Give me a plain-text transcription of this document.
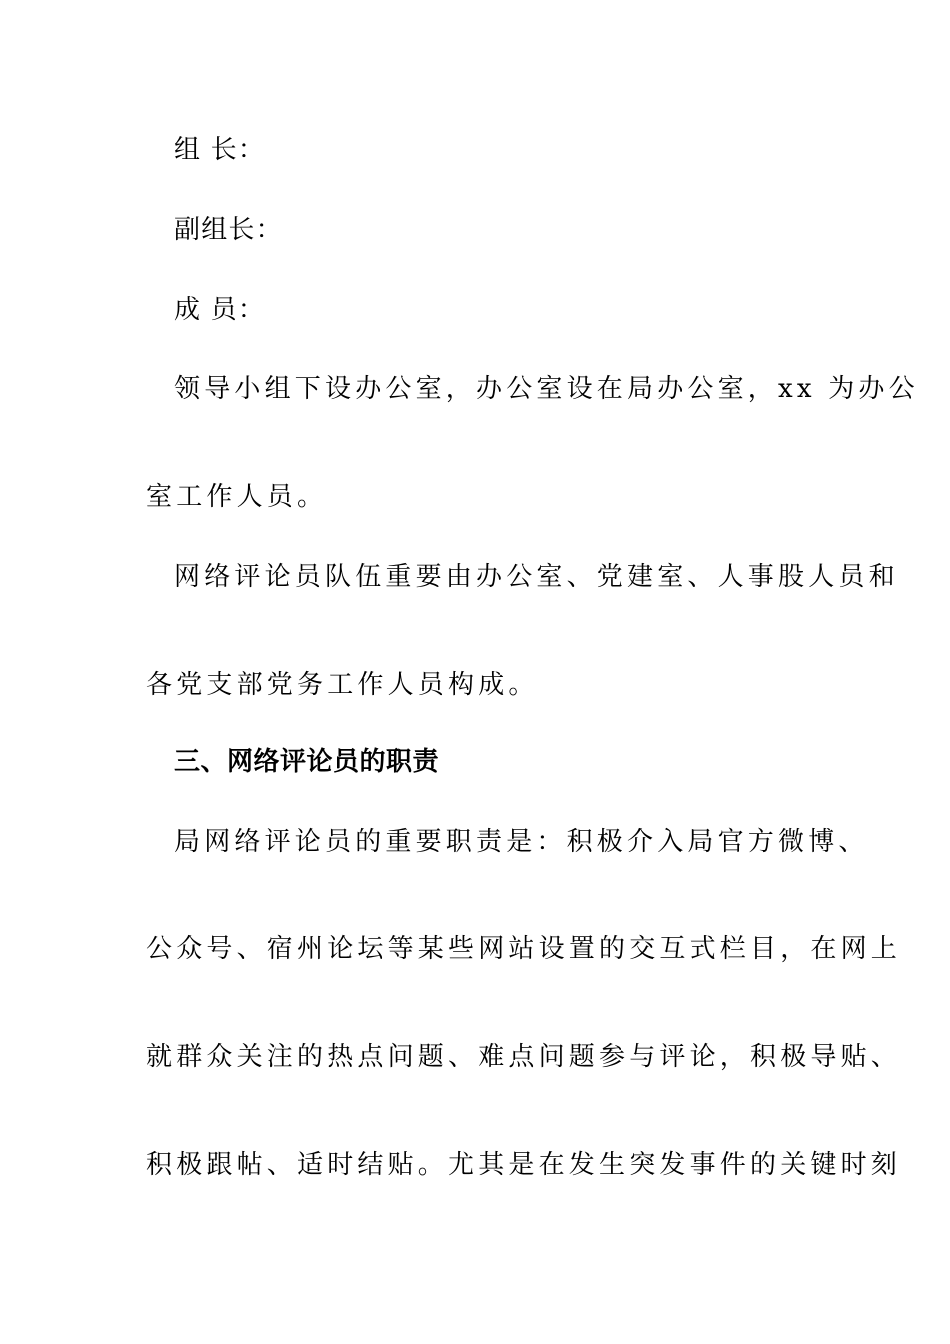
组 长：
副组长：
成 员：
领导小组下设办公室，办公室设在局办公室，xx 为办公
室工作人员。
网络评论员队伍重要由办公室、党建室、人事股人员和
各党支部党务工作人员构成。
三、网络评论员的职责
局网络评论员的重要职责是：积极介入局官方微博、
公众号、宿州论坛等某些网站设置的交互式栏目，在网上
就群众关注的热点问题、难点问题参与评论，积极导贴、
积极跟帖、适时结贴。尤其是在发生突发事件的关键时刻
